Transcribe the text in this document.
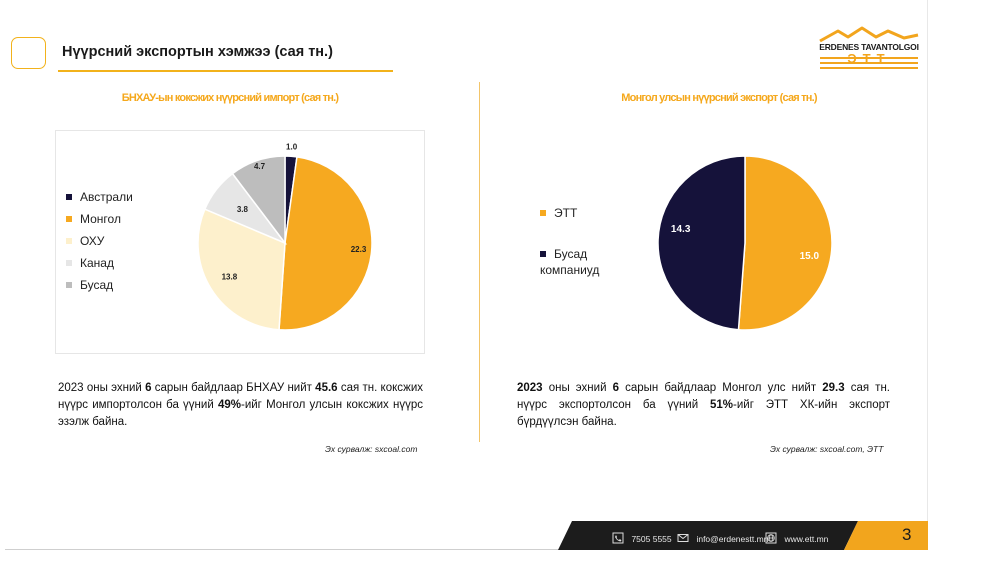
Нүүрсний экспортын хэмжээ (сая тн.)	ERDENES TAVANTOLGOI
ЭТТ
БНХАУ-ын коксжих нүүрсний импорт (сая тн.)
Австрали
Монгол
ОХУ
Канад
Бусад
1.0
22.3
13.8
3.8
4.7
Монгол улсын нүүрсний экспорт (сая тн.)
ЭТТ
Бусад компаниуд
15.0
14.3
2023 оны эхний 6 сарын байдлаар БНХАУ нийт 45.6 сая тн. коксжих нүүрс импортолсон ба үүний 49%-ийг Монгол улсын коксжих нүүрс эзэлж байна.
Эх сурвалж: sxcoal.com
2023 оны эхний 6 сарын байдлаар Монгол улс нийт 29.3 сая тн. нүүрс экспортолсон ба үүний 51%-ийг ЭТТ ХК-ийн экспорт бүрдүүлсэн байна.
Эх сурвалж: sxcoal.com, ЭТТ
7505 5555	info@erdenestt.mn	www.ett.mn	3
